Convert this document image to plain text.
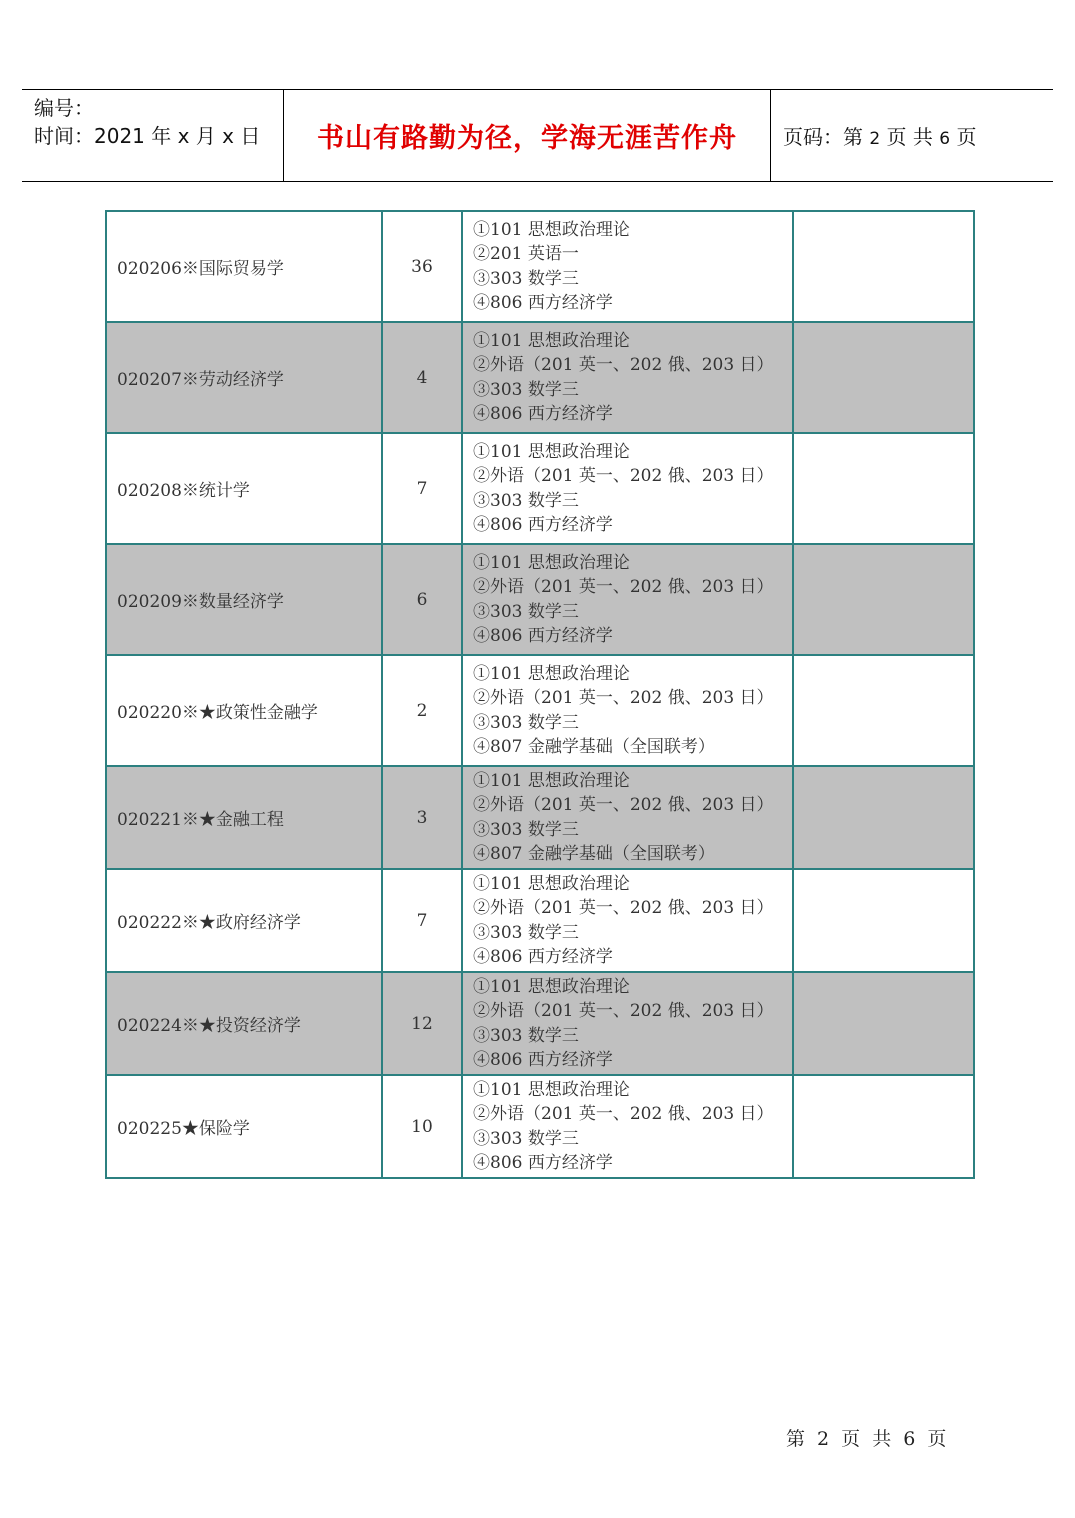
编号：
时间：2021 年 x 月 x 日	书山有路勤为径，学海无涯苦作舟 页码：第 2 页 共 6 页
020206※国际贸易学	36	①101 思想政治理论
②201 英语一
③303 数学三
④806 西方经济学	

020207※劳动经济学	4	①101 思想政治理论
②外语（201 英一、202 俄、203 日）
③303 数学三
④806 西方经济学	

020208※统计学	7	①101 思想政治理论
②外语（201 英一、202 俄、203 日）
③303 数学三
④806 西方经济学	

020209※数量经济学	6	①101 思想政治理论
②外语（201 英一、202 俄、203 日）
③303 数学三
④806 西方经济学	

020220※★政策性金融学	2	①101 思想政治理论
②外语（201 英一、202 俄、203 日）
③303 数学三
④807 金融学基础（全国联考）	

020221※★金融工程	3	①101 思想政治理论
②外语（201 英一、202 俄、203 日）
③303 数学三
④807 金融学基础（全国联考）	

020222※★政府经济学	7	①101 思想政治理论
②外语（201 英一、202 俄、203 日）
③303 数学三
④806 西方经济学	

020224※★投资经济学	12	①101 思想政治理论
②外语（201 英一、202 俄、203 日）
③303 数学三
④806 西方经济学	

020225★保险学	10	①101 思想政治理论
②外语（201 英一、202 俄、203 日）
③303 数学三
④806 西方经济学	

第 2 页 共 6 页
